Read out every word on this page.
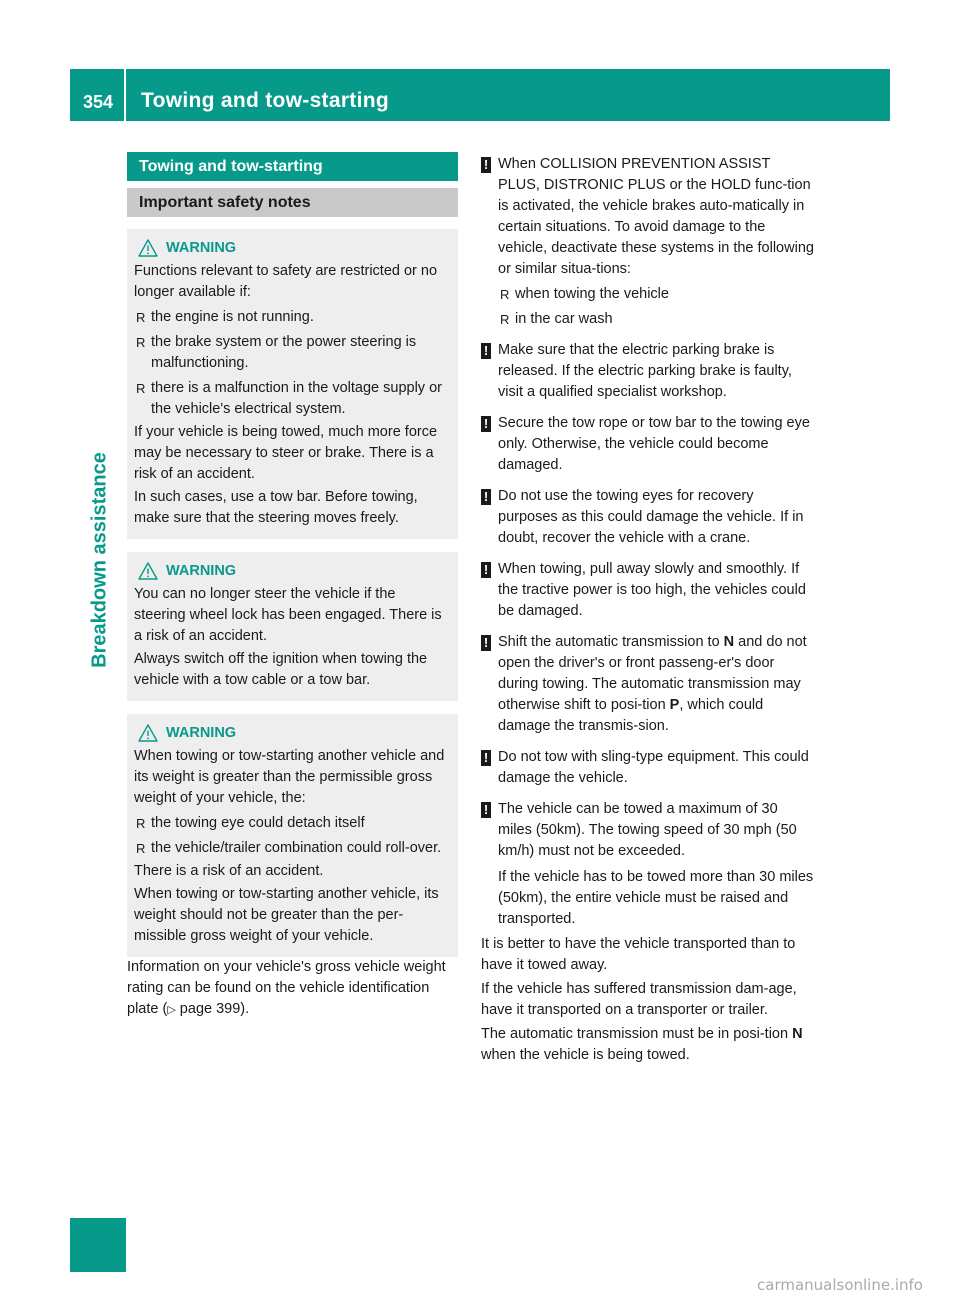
354 Towing and tow-starting
Breakdown assistance
Towing and tow-starting
Important safety notes
WARNING

Functions relevant to safety are restricted or no longer available if:

R the engine is not running.
R the brake system or the power steering is malfunctioning.
R there is a malfunction in the voltage supply or the vehicle's electrical system.

If your vehicle is being towed, much more force may be necessary to steer or brake. There is a risk of an accident.

In such cases, use a tow bar. Before towing, make sure that the steering moves freely.

WARNING

You can no longer steer the vehicle if the steering wheel lock has been engaged. There is a risk of an accident.

Always switch off the ignition when towing the vehicle with a tow cable or a tow bar.

WARNING

When towing or tow-starting another vehicle and its weight is greater than the permissible gross weight of your vehicle, the:

R the towing eye could detach itself
R the vehicle/trailer combination could roll-over.

There is a risk of an accident.

When towing or tow-starting another vehicle, its weight should not be greater than the per-missible gross weight of your vehicle.

Information on your vehicle's gross vehicle weight rating can be found on the vehicle identification plate (▷ page 399).

! When COLLISION PREVENTION ASSIST PLUS, DISTRONIC PLUS or the HOLD func-tion is activated, the vehicle brakes auto-matically in certain situations. To avoid damage to the vehicle, deactivate these systems in the following or similar situa-tions:

R when towing the vehicle
R in the car wash
! Make sure that the electric parking brake is released. If the electric parking brake is faulty, visit a qualified specialist workshop.

! Secure the tow rope or tow bar to the towing eye only. Otherwise, the vehicle could become damaged.

! Do not use the towing eyes for recovery purposes as this could damage the vehicle. If in doubt, recover the vehicle with a crane.

! When towing, pull away slowly and smoothly. If the tractive power is too high, the vehicles could be damaged.

! Shift the automatic transmission to N and do not open the driver's or front passeng-er's door during towing. The automatic transmission may otherwise shift to posi-tion P, which could damage the transmis-sion.

! Do not tow with sling-type equipment. This could damage the vehicle.

! The vehicle can be towed a maximum of 30 miles (50km). The towing speed of 30 mph (50 km/h) must not be exceeded.

If the vehicle has to be towed more than 30 miles (50km), the entire vehicle must be raised and transported.

It is better to have the vehicle transported than to have it towed away.

If the vehicle has suffered transmission dam-age, have it transported on a transporter or trailer.

The automatic transmission must be in posi-tion N when the vehicle is being towed.

carmanualsonline.info
